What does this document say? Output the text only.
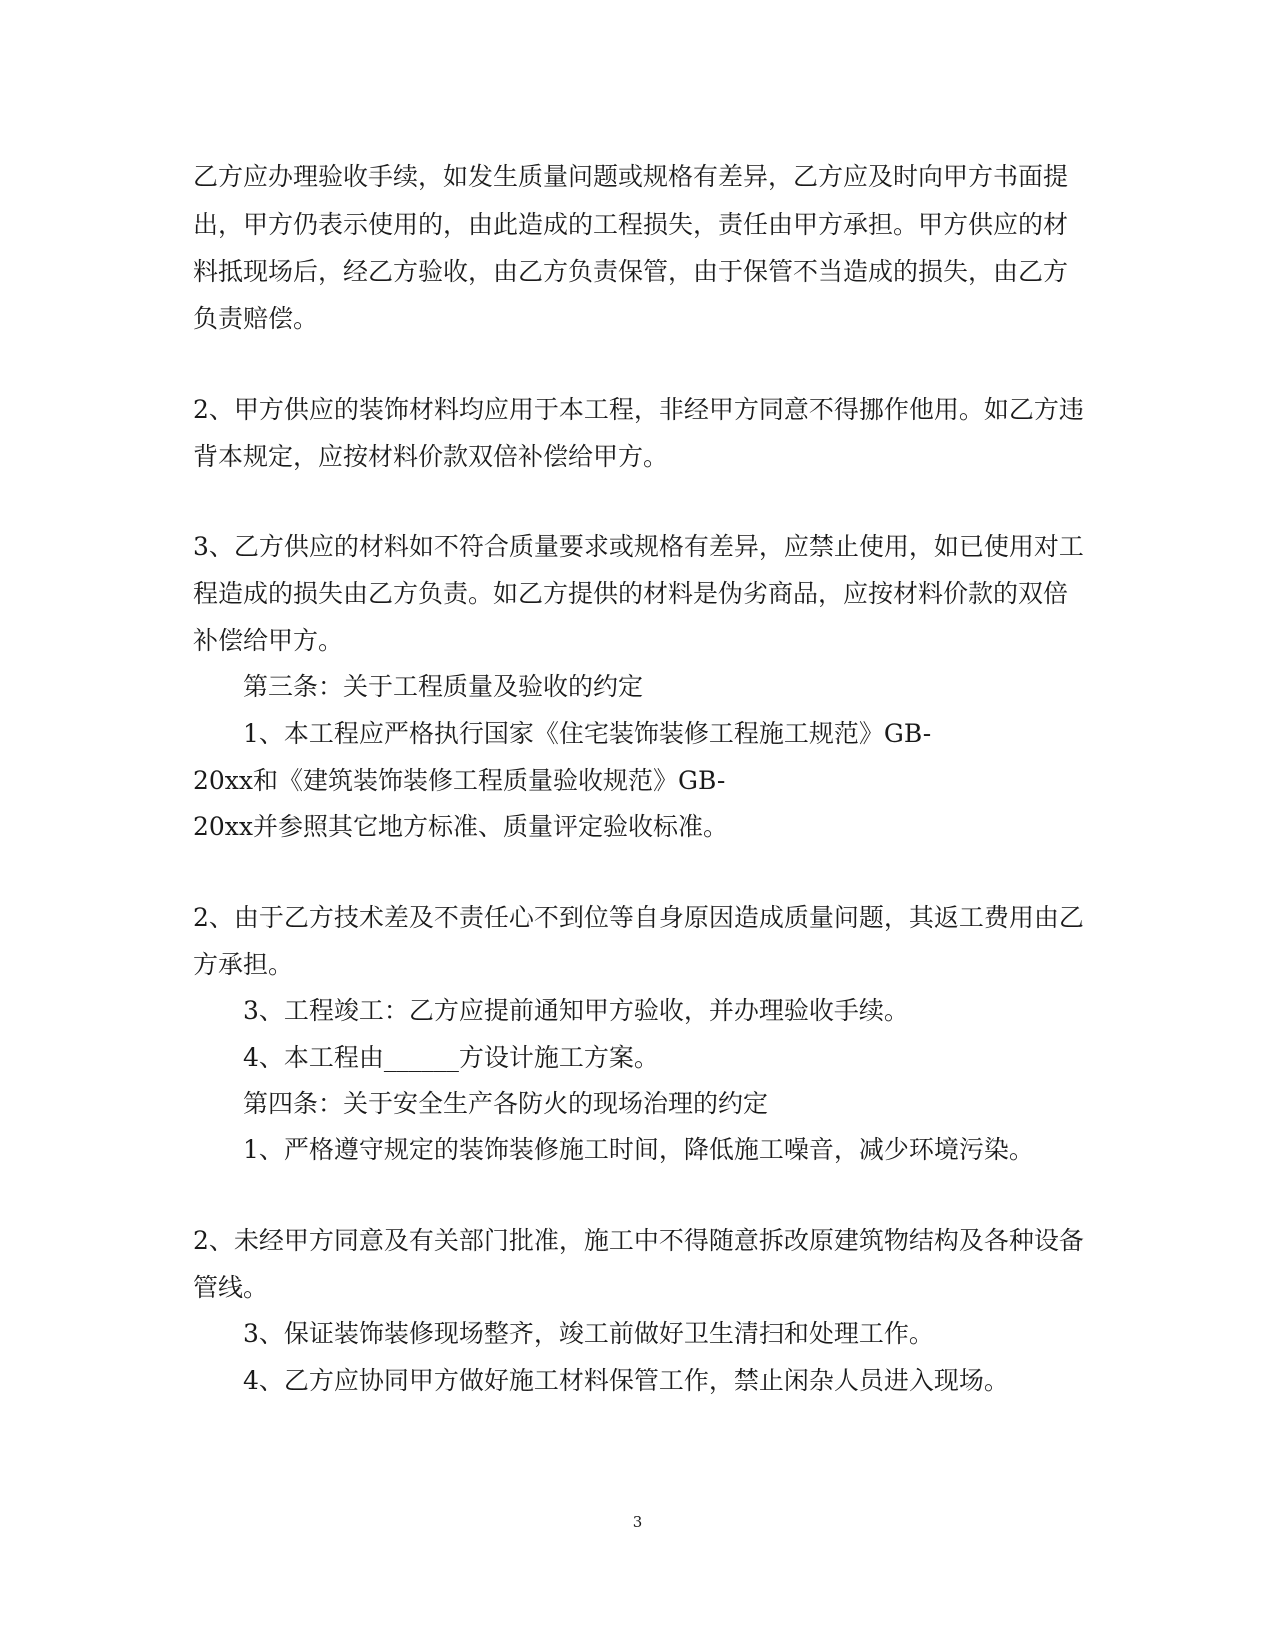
乙方应办理验收手续，如发生质量问题或规格有差异，乙方应及时向甲方书面提
出，甲方仍表示使用的，由此造成的工程损失，责任由甲方承担。甲方供应的材
料抵现场后，经乙方验收，由乙方负责保管，由于保管不当造成的损失，由乙方
负责赔偿。
2、甲方供应的装饰材料均应用于本工程，非经甲方同意不得挪作他用。如乙方违
背本规定，应按材料价款双倍补偿给甲方。
3、乙方供应的材料如不符合质量要求或规格有差异，应禁止使用，如已使用对工
程造成的损失由乙方负责。如乙方提供的材料是伪劣商品，应按材料价款的双倍
补偿给甲方。
第三条：关于工程质量及验收的约定
1、本工程应严格执行国家《住宅装饰装修工程施工规范》GB-
20xx和《建筑装饰装修工程质量验收规范》GB-
20xx并参照其它地方标准、质量评定验收标准。
2、由于乙方技术差及不责任心不到位等自身原因造成质量问题，其返工费用由乙
方承担。
3、工程竣工：乙方应提前通知甲方验收，并办理验收手续。
4、本工程由______方设计施工方案。
第四条：关于安全生产各防火的现场治理的约定
1、严格遵守规定的装饰装修施工时间，降低施工噪音，减少环境污染。
2、未经甲方同意及有关部门批准，施工中不得随意拆改原建筑物结构及各种设备
管线。
3、保证装饰装修现场整齐，竣工前做好卫生清扫和处理工作。
4、乙方应协同甲方做好施工材料保管工作，禁止闲杂人员进入现场。
3
